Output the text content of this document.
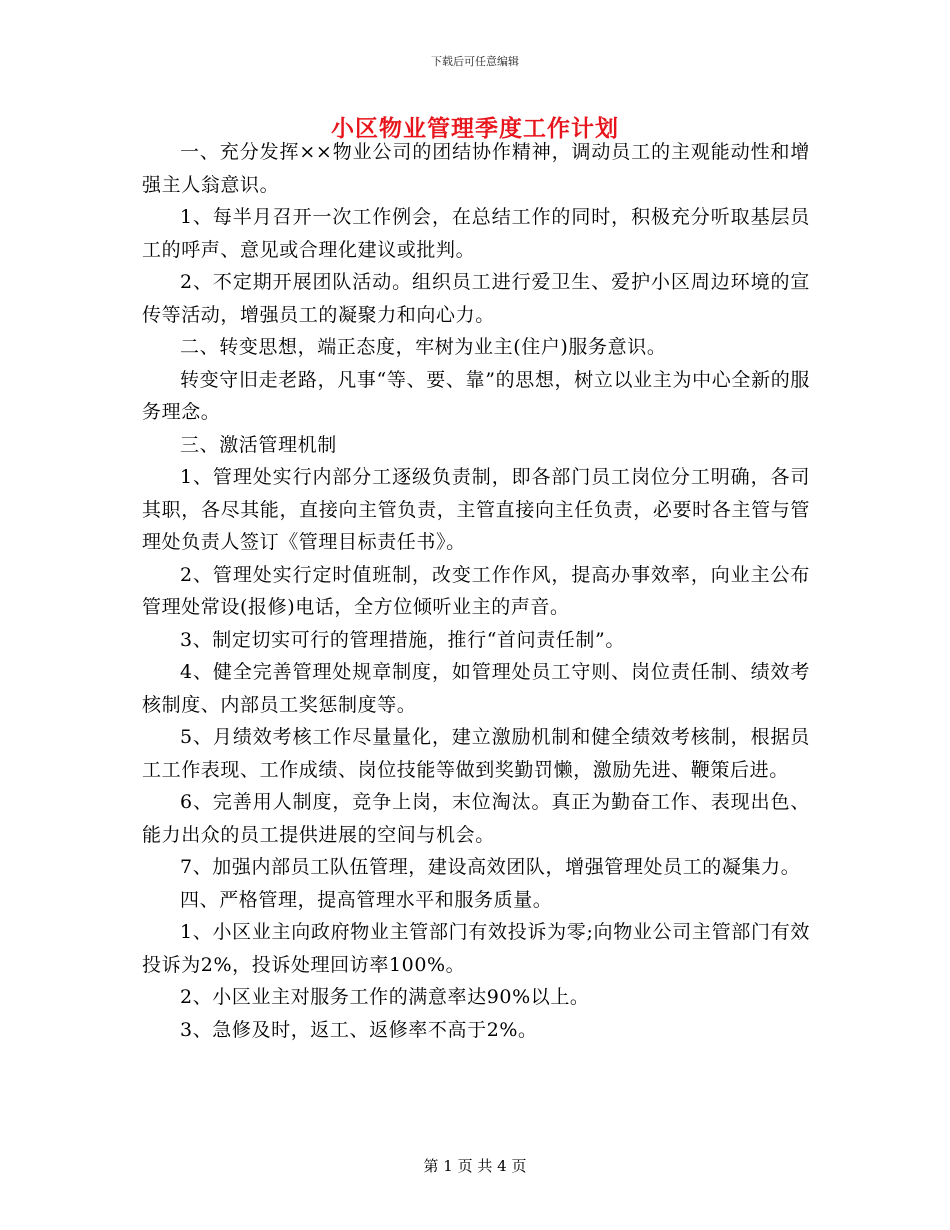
下载后可任意编辑
小区物业管理季度工作计划

一、充分发挥××物业公司的团结协作精神，调动员工的主观能动性和增强主人翁意识。

1、每半月召开一次工作例会，在总结工作的同时，积极充分听取基层员工的呼声、意见或合理化建议或批判。

2、不定期开展团队活动。组织员工进行爱卫生、爱护小区周边环境的宣传等活动，增强员工的凝聚力和向心力。

二、转变思想，端正态度，牢树为业主(住户)服务意识。

转变守旧走老路，凡事“等、要、靠”的思想，树立以业主为中心全新的服务理念。

三、激活管理机制

1、管理处实行内部分工逐级负责制，即各部门员工岗位分工明确，各司其职，各尽其能，直接向主管负责，主管直接向主任负责，必要时各主管与管理处负责人签订《管理目标责任书》。

2、管理处实行定时值班制，改变工作作风，提高办事效率，向业主公布管理处常设(报修)电话，全方位倾听业主的声音。

3、制定切实可行的管理措施，推行“首问责任制”。

4、健全完善管理处规章制度，如管理处员工守则、岗位责任制、绩效考核制度、内部员工奖惩制度等。

5、月绩效考核工作尽量量化，建立激励机制和健全绩效考核制，根据员工工作表现、工作成绩、岗位技能等做到奖勤罚懒，激励先进、鞭策后进。

6、完善用人制度，竞争上岗，末位淘汰。真正为勤奋工作、表现出色、能力出众的员工提供进展的空间与机会。

7、加强内部员工队伍管理，建设高效团队，增强管理处员工的凝集力。

四、严格管理，提高管理水平和服务质量。

1、小区业主向政府物业主管部门有效投诉为零;向物业公司主管部门有效投诉为2%，投诉处理回访率100%。

2、小区业主对服务工作的满意率达90%以上。

3、急修及时，返工、返修率不高于2%。

第 1 页 共 4 页
